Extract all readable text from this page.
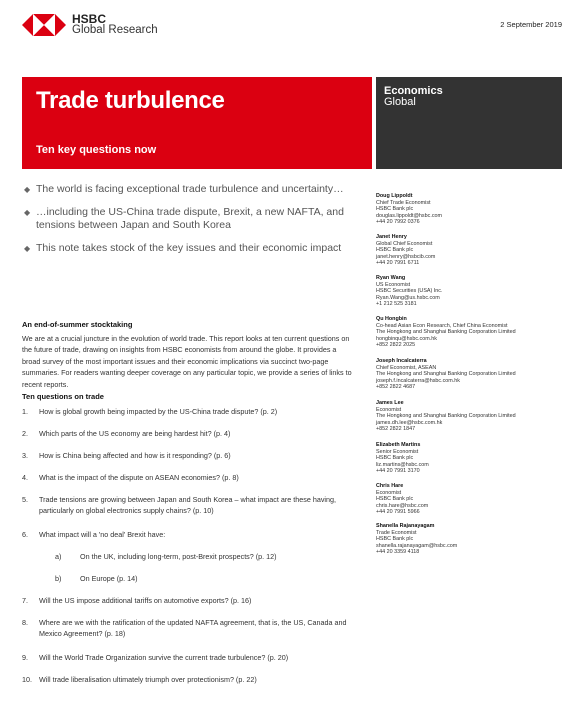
HSBC
Global Research	2 September 2019
Trade turbulence
Ten key questions now
Economics
Global
◆ The world is facing exceptional trade turbulence and uncertainty…
◆ …including the US-China trade dispute, Brexit, a new NAFTA, and tensions between Japan and South Korea
◆ This note takes stock of the key issues and their economic impact
An end-of-summer stocktaking
We are at a crucial juncture in the evolution of world trade. This report looks at ten current questions on the future of trade, drawing on insights from HSBC economists from around the globe. It provides a broad survey of the most important issues and their economic implications via succinct two-page summaries. For readers wanting deeper coverage on any particular topic, we provide a series of links to recent reports.
Ten questions on trade
1. How is global growth being impacted by the US-China trade dispute? (p. 2)
2. Which parts of the US economy are being hardest hit? (p. 4)
3. How is China being affected and how is it responding? (p. 6)
4. What is the impact of the dispute on ASEAN economies? (p. 8)
5. Trade tensions are growing between Japan and South Korea – what impact are these having, particularly on global electronics supply chains? (p. 10)
6. What impact will a 'no deal' Brexit have:
a)	On the UK, including long-term, post-Brexit prospects? (p. 12)
b)	On Europe (p. 14)
7. Will the US impose additional tariffs on automotive exports? (p. 16)
8. Where are we with the ratification of the updated NAFTA agreement, that is, the US, Canada and Mexico Agreement? (p. 18)
9. Will the World Trade Organization survive the current trade turbulence? (p. 20)
10. Will trade liberalisation ultimately triumph over protectionism? (p. 22)
Doug Lippoldt
Chief Trade Economist
HSBC Bank plc
douglas.lippoldt@hsbc.com
+44 20 7992 0376
Janet Henry
Global Chief Economist
HSBC Bank plc
janet.henry@hsbcib.com
+44 20 7991 6711
Ryan Wang
US Economist
HSBC Securities (USA) Inc.
Ryan.Wang@us.hsbc.com
+1 212 525 3181
Qu Hongbin
Co-head Asian Econ Research, Chief China Economist
The Hongkong and Shanghai Banking Corporation Limited
hongbinqu@hsbc.com.hk
+852 2822 2025
Joseph Incalcaterra
Chief Economist, ASEAN
The Hongkong and Shanghai Banking Corporation Limited
joseph.f.incalcaterra@hsbc.com.hk
+852 2822 4687
James Lee
Economist
The Hongkong and Shanghai Banking Corporation Limited
james.dh.lee@hsbc.com.hk
+852 2822 1847
Elizabeth Martins
Senior Economist
HSBC Bank plc
liz.martins@hsbc.com
+44 20 7991 3170
Chris Hare
Economist
HSBC Bank plc
chris.hare@hsbc.com
+44 20 7991 5966
Shanella Rajanayagam
Trade Economist
HSBC Bank plc
shanella.rajanayagam@hsbc.com
+44 20 3359 4118
